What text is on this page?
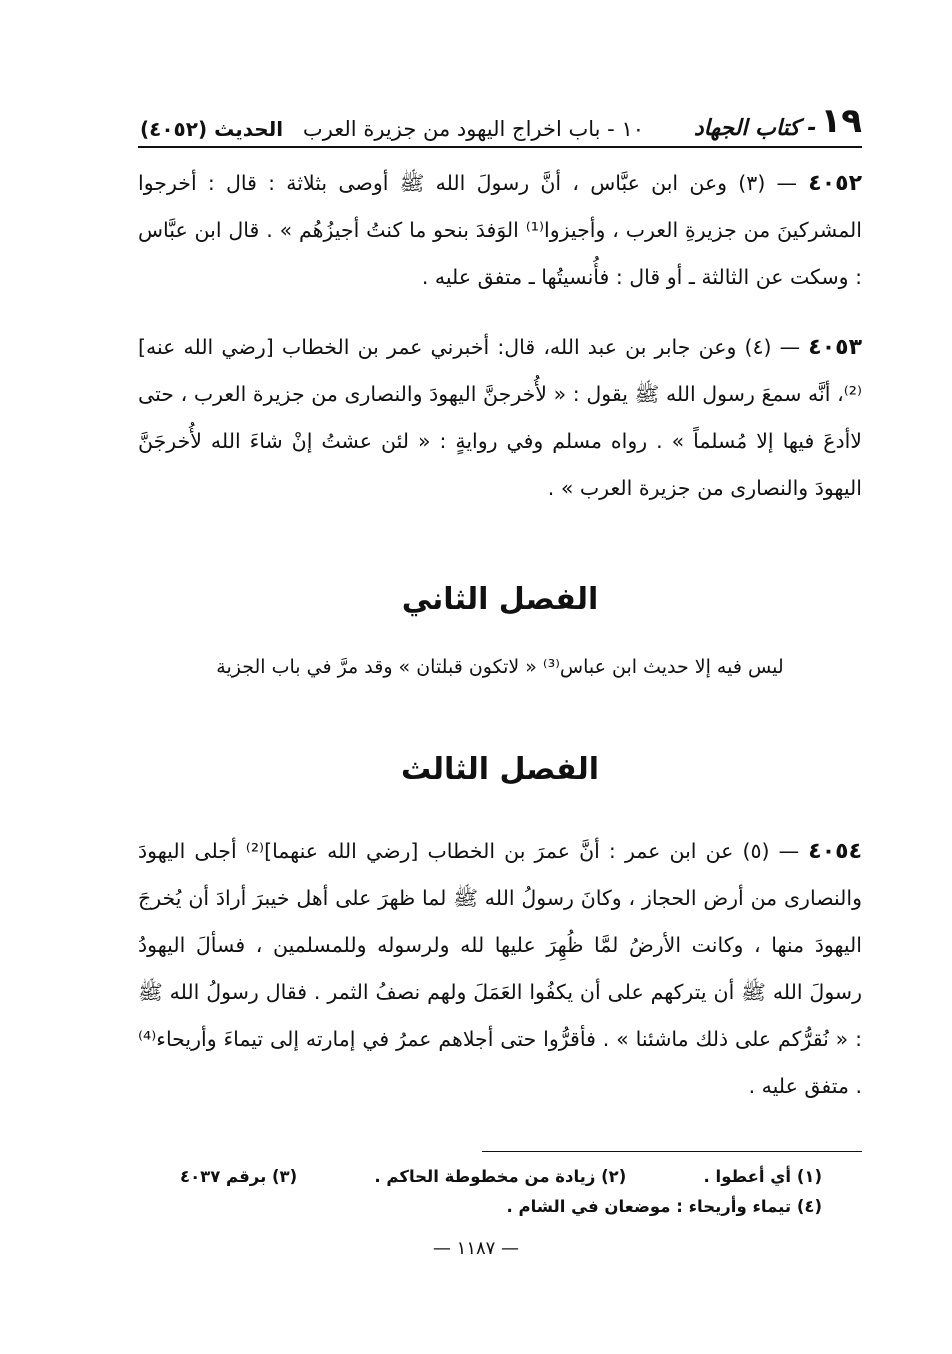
١٩
- كتاب الجهاد
١٠ - باب اخراج اليهود من جزيرة العرب
الحديث (٤٠٥٢)
٤٠٥٢ — (٣) وعن ابن عبَّاس ، أنَّ رسولَ الله ﷺ أوصى بثلاثة : قال : أخرجوا المشركينَ من جزيرةِ العرب ، وأجيزوا⁽¹⁾ الوَفدَ بنحو ما كنتُ أجيزُهُم » . قال ابن عبَّاس : وسكت عن الثالثة ـ أو قال : فأُنسيتُها ـ متفق عليه .
٤٠٥٣ — (٤) وعن جابر بن عبد الله، قال: أخبرني عمر بن الخطاب [رضي الله عنه]⁽²⁾، أنَّه سمعَ رسول الله ﷺ يقول : « لأُخرجنَّ اليهودَ والنصارى من جزيرة العرب ، حتى لاأدعَ فيها إلا مُسلماً » . رواه مسلم وفي روايةٍ : « لئن عشتُ إنْ شاءَ الله لأُخرجَنَّ اليهودَ والنصارى من جزيرة العرب » .
الفصل الثاني
ليس فيه إلا حديث ابن عباس⁽³⁾ « لاتكون قبلتان » وقد مرَّ في باب الجزية
الفصل الثالث
٤٠٥٤ — (٥) عن ابن عمر : أنَّ عمرَ بن الخطاب [رضي الله عنهما]⁽²⁾ أجلى اليهودَ والنصارى من أرض الحجاز ، وكانَ رسولُ الله ﷺ لما ظهرَ على أهل خيبرَ أرادَ أن يُخرجَ اليهودَ منها ، وكانت الأرضُ لمَّا ظُهِرَ عليها لله ولرسوله وللمسلمين ، فسألَ اليهودُ رسولَ الله ﷺ أن يتركهم على أن يكفُوا العَمَلَ ولهم نصفُ الثمر . فقال رسولُ الله ﷺ : « نُقرُّكم على ذلك ماشئنا » . فأقرُّوا حتى أجلاهم عمرُ في إمارته إلى تيماءَ وأريحاء⁽⁴⁾ . متفق عليه .
(١) أي أعطوا .
(٢) زيادة من مخطوطة الحاكم .
(٣) برقم ٤٠٣٧
(٤) تيماء وأريحاء : موضعان في الشام .
— ١١٨٧ —
